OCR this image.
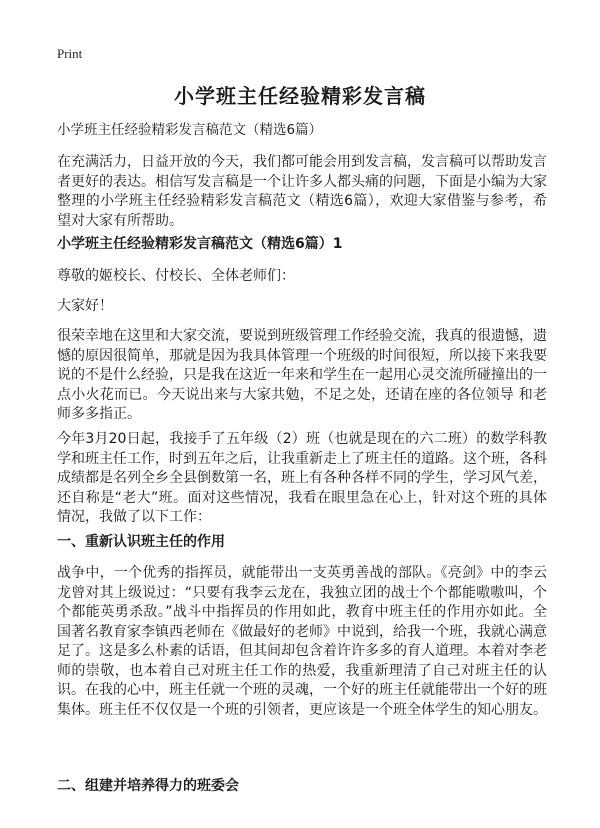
Print
小学班主任经验精彩发言稿
小学班主任经验精彩发言稿范文（精选6篇）
在充满活力，日益开放的今天，我们都可能会用到发言稿，发言稿可以帮助发言者更好的表达。相信写发言稿是一个让许多人都头痛的问题，下面是小编为大家整理的小学班主任经验精彩发言稿范文（精选6篇），欢迎大家借鉴与参考，希望对大家有所帮助。
小学班主任经验精彩发言稿范文（精选6篇）1
尊敬的姬校长、付校长、全体老师们：
大家好！
很荣幸地在这里和大家交流，要说到班级管理工作经验交流，我真的很遗憾，遗憾的原因很简单，那就是因为我具体管理一个班级的时间很短，所以接下来我要说的不是什么经验，只是我在这近一年来和学生在一起用心灵交流所碰撞出的一点小火花而已。今天说出来与大家共勉，不足之处，还请在座的各位领导 和老师多多指正。
今年3月20日起，我接手了五年级（2）班（也就是现在的六二班）的数学科教学和班主任工作，时到五年之后，让我重新走上了班主任的道路。这个班，各科成绩都是名列全乡全县倒数第一名，班上有各种各样不同的学生，学习风气差，还自称是“老大”班。面对这些情况，我看在眼里急在心上，针对这个班的具体情况，我做了以下工作：
一、重新认识班主任的作用
战争中，一个优秀的指挥员，就能带出一支英勇善战的部队。《亮剑》中的李云龙曾对其上级说过：“只要有我李云龙在，我独立团的战士个个都能嗷嗷叫，个个都能英勇杀敌。”战斗中指挥员的作用如此，教育中班主任的作用亦如此。全国著名教育家李镇西老师在《做最好的老师》中说到，给我一个班，我就心满意足了。这是多么朴素的话语，但其间却包含着许许多多的育人道理。本着对李老师的崇敬，也本着自己对班主任工作的热爱，我重新理清了自己对班主任的认识。在我的心中，班主任就一个班的灵魂，一个好的班主任就能带出一个好的班集体。班主任不仅仅是一个班的引领者，更应该是一个班全体学生的知心朋友。
二、组建并培养得力的班委会
